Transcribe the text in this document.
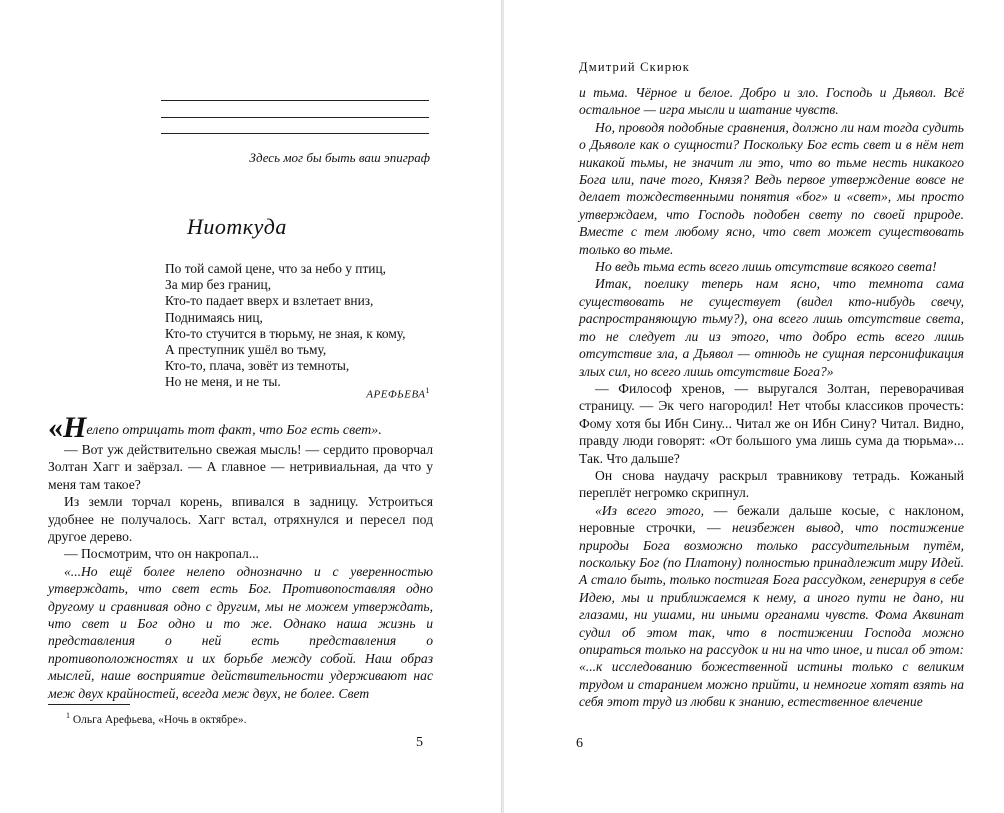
Здесь мог бы быть ваш эпиграф
Ниоткуда
По той самой цене, что за небо у птиц,
За мир без границ,
Кто-то падает вверх и взлетает вниз,
Поднимаясь ниц,
Кто-то стучится в тюрьму, не зная, к кому,
А преступник ушёл во тьму,
Кто-то, плача, зовёт из темноты,
Но не меня, и не ты.
АРЕФЬЕВА$^1$
«Нелепо отрицать тот факт, что Бог есть свет».

— Вот уж действительно свежая мысль! — сердито проворчал Золтан Хагг и заёрзал. — А главное — нетривиальная, да что у меня там такое?

Из земли торчал корень, впивался в задницу. Устроиться удобнее не получалось. Хагг встал, отряхнулся и пересел под другое дерево.

— Посмотрим, что он накропал...

«...Но ещё более нелепо однозначно и с уверенностью утверждать, что свет есть Бог. Противопоставляя одно другому и сравнивая одно с другим, мы не можем утверждать, что свет и Бог одно и то же. Однако наша жизнь и представления о ней есть представления о противоположностях и их борьбе между собой. Наш образ мыслей, наше восприятие действительности удерживают нас меж двух крайностей, всегда меж двух, не более. Свет

$^1$ Ольга Арефьева, «Ночь в октябре».
5
Дмитрий Скирюк

и тьма. Чёрное и белое. Добро и зло. Господь и Дьявол. Всё остальное — игра мысли и шатание чувств.

Но, проводя подобные сравнения, должно ли нам тогда судить о Дьяволе как о сущности? Поскольку Бог есть свет и в нём нет никакой тьмы, не значит ли это, что во тьме несть никакого Бога или, паче того, Князя? Ведь первое утверждение вовсе не делает тождественными понятия «бог» и «свет», мы просто утверждаем, что Господь подобен свету по своей природе. Вместе с тем любому ясно, что свет может существовать только во тьме.

Но ведь тьма есть всего лишь отсутствие всякого света!

Итак, поелику теперь нам ясно, что темнота сама существовать не существует (видел кто-нибудь свечу, распространяющую тьму?), она всего лишь отсутствие света, то не следует ли из этого, что добро есть всего лишь отсутствие зла, а Дьявол — отнюдь не сущная персонификация злых сил, но всего лишь отсутствие Бога?»

— Философ хренов, — выругался Золтан, переворачивая страницу. — Эк чего нагородил! Нет чтобы классиков прочесть: Фому хотя бы Ибн Сину... Читал же он Ибн Сину? Читал. Видно, правду люди говорят: «От большого ума лишь сума да тюрьма»... Так. Что дальше?

Он снова наудачу раскрыл травникову тетрадь. Кожаный переплёт негромко скрипнул.

«Из всего этого, — бежали дальше косые, с наклоном, неровные строчки, — неизбежен вывод, что постижение природы Бога возможно только рассудительным путём, поскольку Бог (по Платону) полностью принадлежит миру Идей. А стало быть, только постигая Бога рассудком, генерируя в себе Идею, мы и приближаемся к нему, а иного пути не дано, ни глазами, ни ушами, ни иными органами чувств. Фома Аквинат судил об этом так, что в постижении Господа можно опираться только на рассудок и ни на что иное, и писал об этом: «...к исследованию божественной истины только с великим трудом и старанием можно прийти, и немногие хотят взять на себя этот труд из любви к знанию, естественное влечение

6
